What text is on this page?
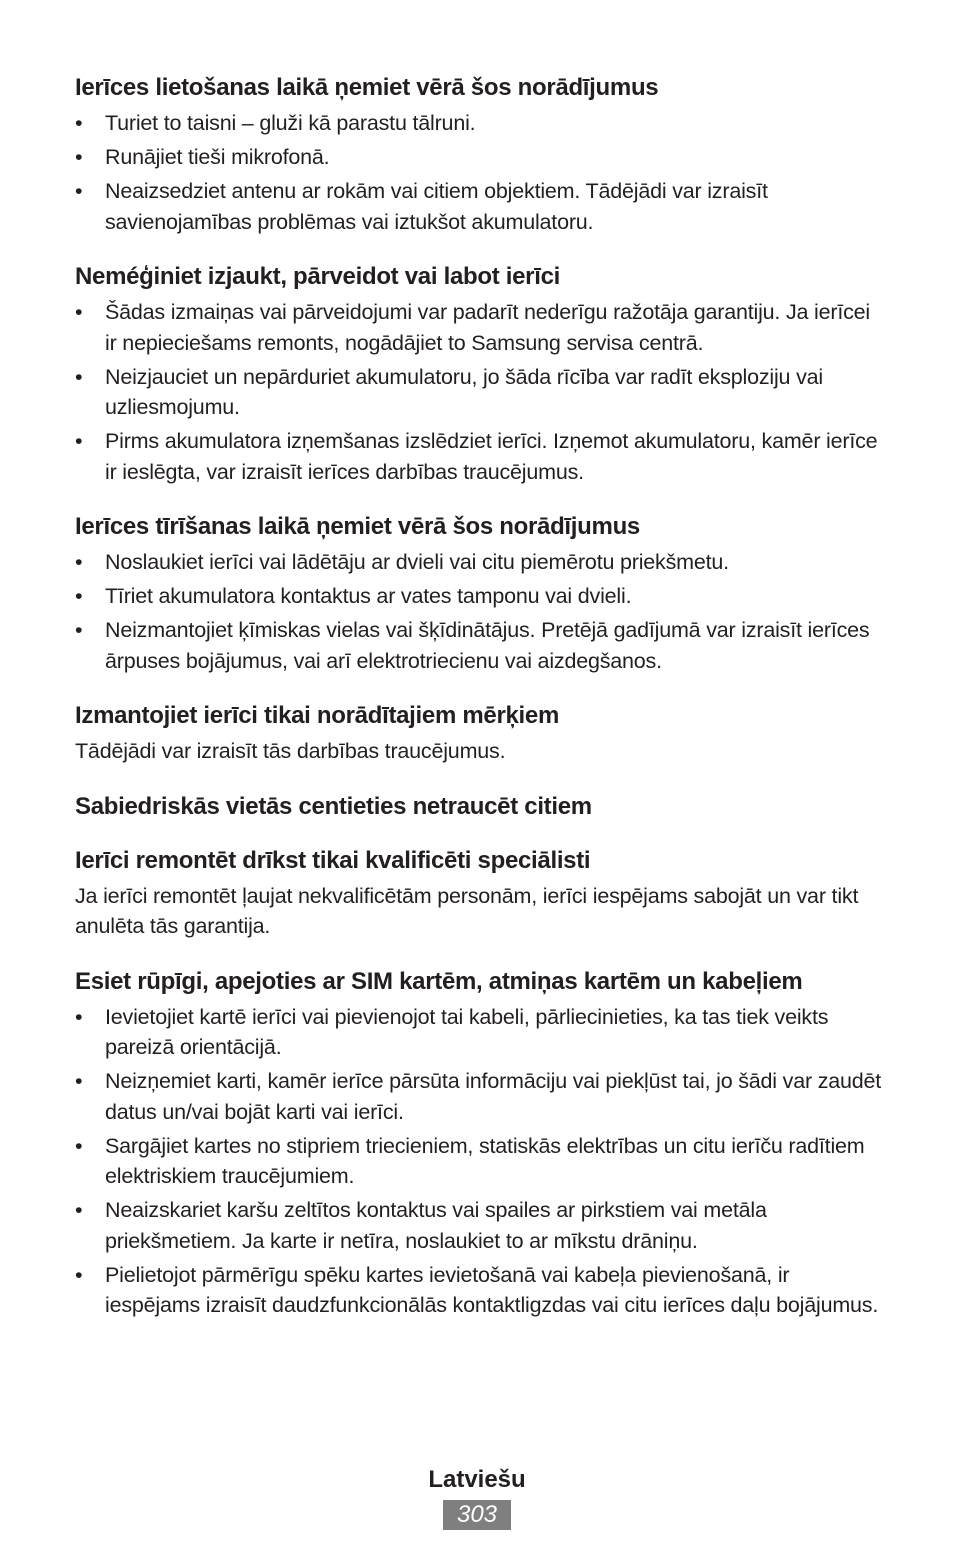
Ierīces lietošanas laikā ņemiet vērā šos norādījumus

• Turiet to taisni – gluži kā parastu tālruni.
• Runājiet tieši mikrofonā.
• Neaizsedziet antenu ar rokām vai citiem objektiem. Tādējādi var izraisīt savienojamības problēmas vai iztukšot akumulatoru.

Neméģiniet izjaukt, pārveidot vai labot ierīci

• Šādas izmaiņas vai pārveidojumi var padarīt nederīgu ražotāja garantiju. Ja ierīcei ir nepieciešams remonts, nogādājiet to Samsung servisa centrā.
• Neizjauciet un nepārduriet akumulatoru, jo šāda rīcība var radīt eksploziju vai uzliesmojumu.
• Pirms akumulatora izņemšanas izslēdziet ierīci. Izņemot akumulatoru, kamēr ierīce ir ieslēgta, var izraisīt ierīces darbības traucējumus.

Ierīces tīrīšanas laikā ņemiet vērā šos norādījumus

• Noslaukiet ierīci vai lādētāju ar dvieli vai citu piemērotu priekšmetu.
• Tīriet akumulatora kontaktus ar vates tamponu vai dvieli.
• Neizmantojiet ķīmiskas vielas vai šķīdinātājus. Pretējā gadījumā var izraisīt ierīces ārpuses bojājumus, vai arī elektrotriecienu vai aizdegšanos.

Izmantojiet ierīci tikai norādītajiem mērķiem

Tādējādi var izraisīt tās darbības traucējumus.

Sabiedriskās vietās centieties netraucēt citiem

Ierīci remontēt drīkst tikai kvalificēti speciālisti

Ja ierīci remontēt ļaujat nekvalificētām personām, ierīci iespējams sabojāt un var tikt anulēta tās garantija.

Esiet rūpīgi, apejoties ar SIM kartēm, atmiņas kartēm un kabeļiem

• Ievietojiet kartē ierīci vai pievienojot tai kabeli, pārliecinieties, ka tas tiek veikts pareizā orientācijā.
• Neizņemiet karti, kamēr ierīce pārsūta informāciju vai piekļūst tai, jo šādi var zaudēt datus un/vai bojāt karti vai ierīci.
• Sargājiet kartes no stipriem triecieniem, statiskās elektrības un citu ierīču radītiem elektriskiem traucējumiem.
• Neaizskariet karšu zeltītos kontaktus vai spailes ar pirkstiem vai metāla priekšmetiem. Ja karte ir netīra, noslaukiet to ar mīkstu drāniņu.
• Pielietojot pārmērīgu spēku kartes ievietošanā vai kabeļa pievienošanā, ir iespējams izraisīt daudzfunkcionālās kontaktligzdas vai citu ierīces daļu bojājumus.

Latviešu

303
